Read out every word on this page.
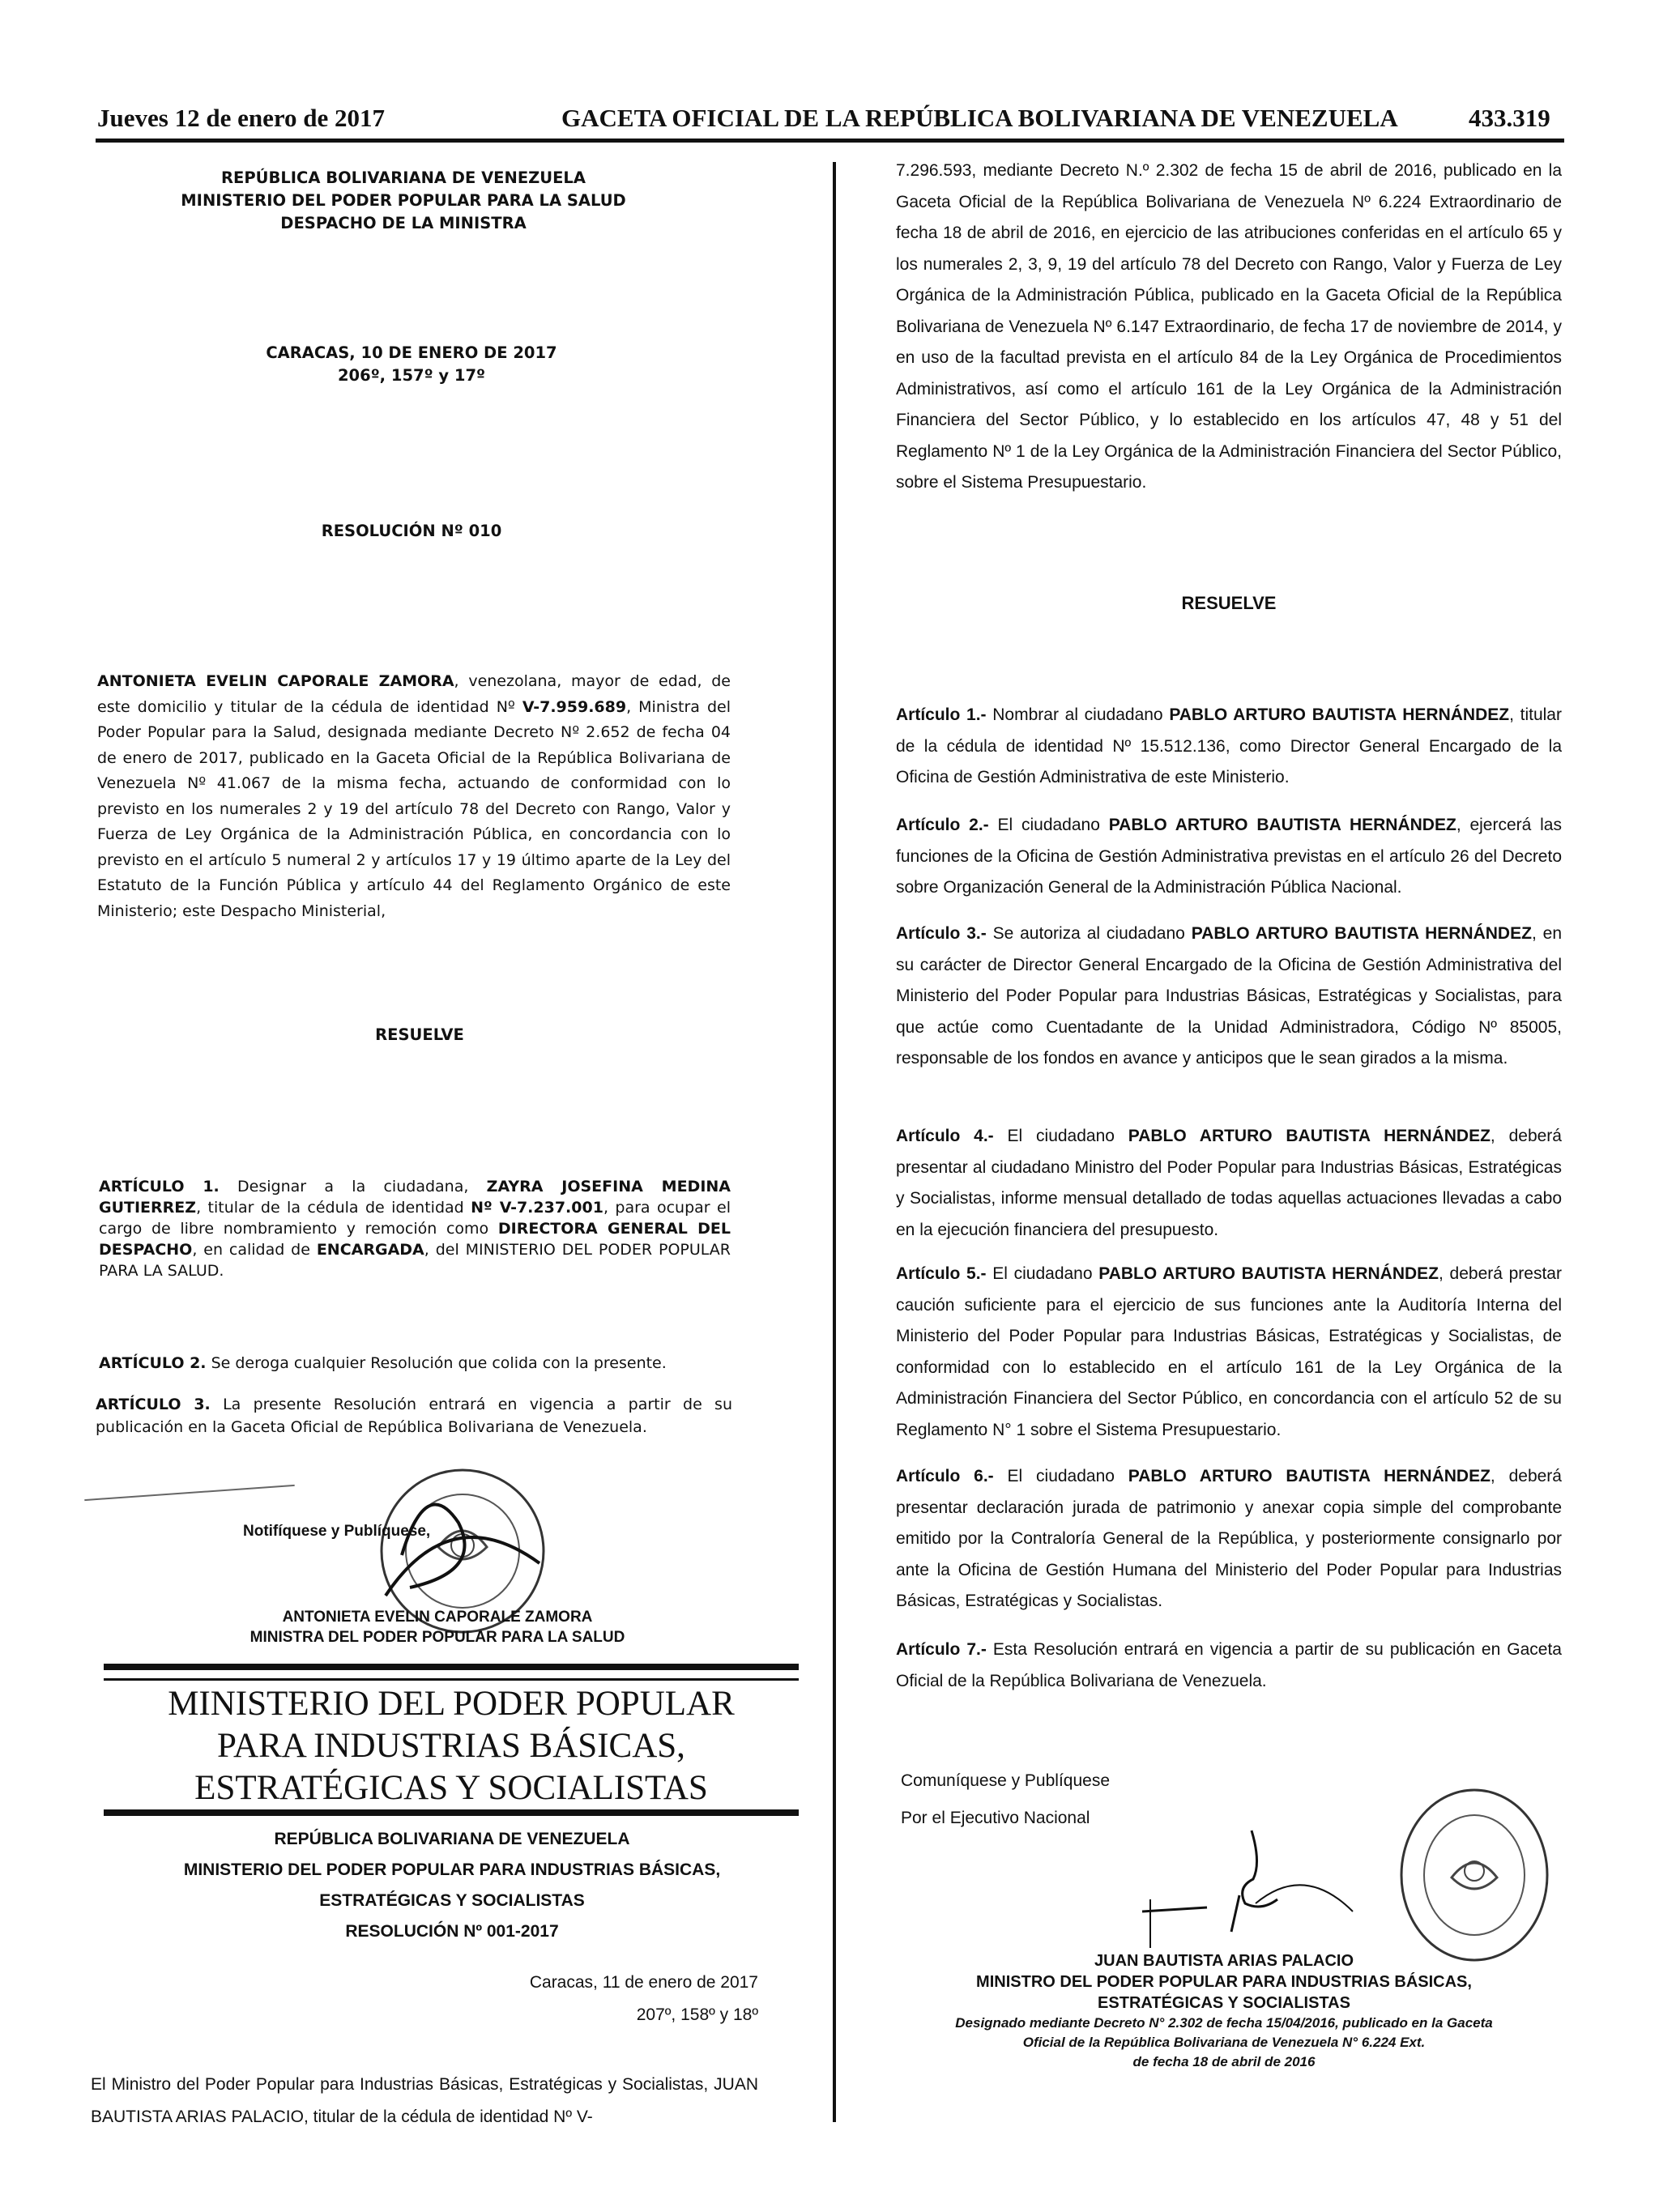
Jueves 12 de enero de 2017	GACETA OFICIAL DE LA REPÚBLICA BOLIVARIANA DE VENEZUELA	433.319
REPÚBLICA BOLIVARIANA DE VENEZUELA
MINISTERIO DEL PODER POPULAR PARA LA SALUD
DESPACHO DE LA MINISTRA
CARACAS, 10 DE ENERO DE 2017
206º, 157º y 17º
RESOLUCIÓN Nº 010
ANTONIETA EVELIN CAPORALE ZAMORA, venezolana, mayor de edad, de este domicilio y titular de la cédula de identidad Nº V-7.959.689, Ministra del Poder Popular para la Salud, designada mediante Decreto Nº 2.652 de fecha 04 de enero de 2017, publicado en la Gaceta Oficial de la República Bolivariana de Venezuela Nº 41.067 de la misma fecha, actuando de conformidad con lo previsto en los numerales 2 y 19 del artículo 78 del Decreto con Rango, Valor y Fuerza de Ley Orgánica de la Administración Pública, en concordancia con lo previsto en el artículo 5 numeral 2 y artículos 17 y 19 último aparte de la Ley del Estatuto de la Función Pública y artículo 44 del Reglamento Orgánico de este Ministerio; este Despacho Ministerial,
RESUELVE
ARTÍCULO 1. Designar a la ciudadana, ZAYRA JOSEFINA MEDINA GUTIERREZ, titular de la cédula de identidad Nº V-7.237.001, para ocupar el cargo de libre nombramiento y remoción como DIRECTORA GENERAL DEL DESPACHO, en calidad de ENCARGADA, del MINISTERIO DEL PODER POPULAR PARA LA SALUD.
ARTÍCULO 2. Se deroga cualquier Resolución que colida con la presente.
ARTÍCULO 3. La presente Resolución entrará en vigencia a partir de su publicación en la Gaceta Oficial de República Bolivariana de Venezuela.
Notifíquese y Publíquese,
ANTONIETA EVELIN CAPORALE ZAMORA
MINISTRA DEL PODER POPULAR PARA LA SALUD
MINISTERIO DEL PODER POPULAR
PARA INDUSTRIAS BÁSICAS,
ESTRATÉGICAS Y SOCIALISTAS
REPÚBLICA BOLIVARIANA DE VENEZUELA
MINISTERIO DEL PODER POPULAR PARA INDUSTRIAS BÁSICAS,
ESTRATÉGICAS Y SOCIALISTAS
RESOLUCIÓN Nº 001-2017
Caracas, 11 de enero de 2017
207º, 158º y 18º
El Ministro del Poder Popular para Industrias Básicas, Estratégicas y Socialistas, JUAN BAUTISTA ARIAS PALACIO, titular de la cédula de identidad Nº V-
7.296.593, mediante Decreto N.º 2.302 de fecha 15 de abril de 2016, publicado en la Gaceta Oficial de la República Bolivariana de Venezuela Nº 6.224 Extraordinario de fecha 18 de abril de 2016, en ejercicio de las atribuciones conferidas en el artículo 65 y los numerales 2, 3, 9, 19 del artículo 78 del Decreto con Rango, Valor y Fuerza de Ley Orgánica de la Administración Pública, publicado en la Gaceta Oficial de la República Bolivariana de Venezuela Nº 6.147 Extraordinario, de fecha 17 de noviembre de 2014, y en uso de la facultad prevista en el artículo 84 de la Ley Orgánica de Procedimientos Administrativos, así como el artículo 161 de la Ley Orgánica de la Administración Financiera del Sector Público, y lo establecido en los artículos 47, 48 y 51 del Reglamento Nº 1 de la Ley Orgánica de la Administración Financiera del Sector Público, sobre el Sistema Presupuestario.
RESUELVE
Artículo 1.- Nombrar al ciudadano PABLO ARTURO BAUTISTA HERNÁNDEZ, titular de la cédula de identidad Nº 15.512.136, como Director General Encargado de la Oficina de Gestión Administrativa de este Ministerio.
Artículo 2.- El ciudadano PABLO ARTURO BAUTISTA HERNÁNDEZ, ejercerá las funciones de la Oficina de Gestión Administrativa previstas en el artículo 26 del Decreto sobre Organización General de la Administración Pública Nacional.
Artículo 3.- Se autoriza al ciudadano PABLO ARTURO BAUTISTA HERNÁNDEZ, en su carácter de Director General Encargado de la Oficina de Gestión Administrativa del Ministerio del Poder Popular para Industrias Básicas, Estratégicas y Socialistas, para que actúe como Cuentadante de la Unidad Administradora, Código Nº 85005, responsable de los fondos en avance y anticipos que le sean girados a la misma.
Artículo 4.- El ciudadano PABLO ARTURO BAUTISTA HERNÁNDEZ, deberá presentar al ciudadano Ministro del Poder Popular para Industrias Básicas, Estratégicas y Socialistas, informe mensual detallado de todas aquellas actuaciones llevadas a cabo en la ejecución financiera del presupuesto.
Artículo 5.- El ciudadano PABLO ARTURO BAUTISTA HERNÁNDEZ, deberá prestar caución suficiente para el ejercicio de sus funciones ante la Auditoría Interna del Ministerio del Poder Popular para Industrias Básicas, Estratégicas y Socialistas, de conformidad con lo establecido en el artículo 161 de la Ley Orgánica de la Administración Financiera del Sector Público, en concordancia con el artículo 52 de su Reglamento N° 1 sobre el Sistema Presupuestario.
Artículo 6.- El ciudadano PABLO ARTURO BAUTISTA HERNÁNDEZ, deberá presentar declaración jurada de patrimonio y anexar copia simple del comprobante emitido por la Contraloría General de la República, y posteriormente consignarlo por ante la Oficina de Gestión Humana del Ministerio del Poder Popular para Industrias Básicas, Estratégicas y Socialistas.
Artículo 7.- Esta Resolución entrará en vigencia a partir de su publicación en Gaceta Oficial de la República Bolivariana de Venezuela.
Comuníquese y Publíquese
Por el Ejecutivo Nacional
JUAN BAUTISTA ARIAS PALACIO
MINISTRO DEL PODER POPULAR PARA INDUSTRIAS BÁSICAS,
ESTRATÉGICAS Y SOCIALISTAS
Designado mediante Decreto N° 2.302 de fecha 15/04/2016, publicado en la Gaceta
Oficial de la República Bolivariana de Venezuela N° 6.224 Ext.
de fecha 18 de abril de 2016
